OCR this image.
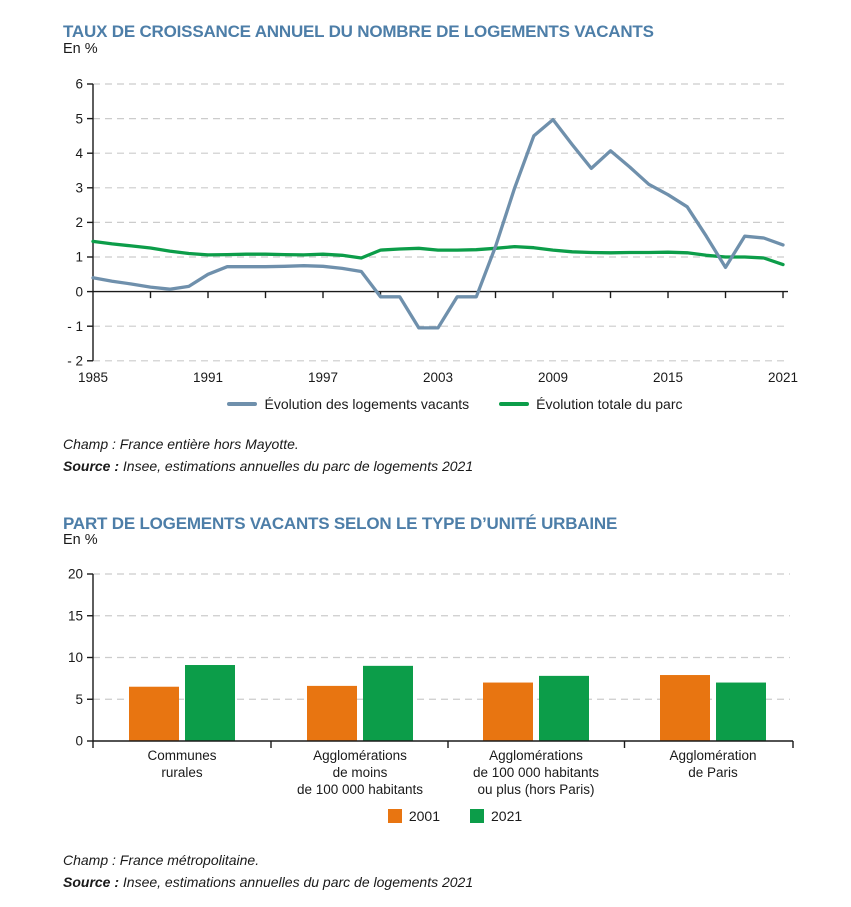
TAUX DE CROISSANCE ANNUEL DU NOMBRE DE LOGEMENTS VACANTS
En %
6
5
4
3
2
1
0
- 1
- 2
1985	1991	1997	2003	2009	2015	2021
Évolution des logements vacants	Évolution totale du parc
Champ : France entière hors Mayotte.
Source : Insee, estimations annuelles du parc de logements 2021
PART DE LOGEMENTS VACANTS SELON LE TYPE D’UNITÉ URBAINE
En %
0
5
10
15
20
Communes rurales
Agglomérations de moins de 100 000 habitants
Agglomérations de 100 000 habitants ou plus (hors Paris)
Agglomération de Paris
2001	2021
Champ : France métropolitaine.
Source : Insee, estimations annuelles du parc de logements 2021
